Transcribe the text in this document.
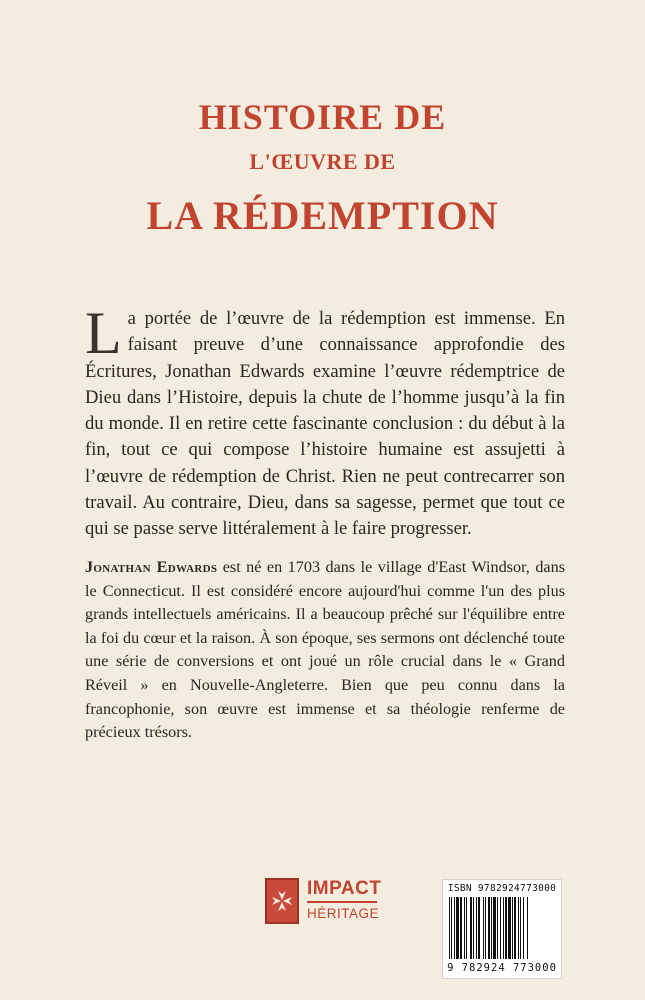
HISTOIRE DE
L'ŒUVRE DE
LA RÉDEMPTION
La portée de l’œuvre de la rédemption est immense. En faisant preuve d’une connaissance approfondie des Écritures, Jonathan Edwards examine l’œuvre rédemptrice de Dieu dans l’Histoire, depuis la chute de l’homme jusqu’à la fin du monde. Il en retire cette fascinante conclusion : du début à la fin, tout ce qui compose l’histoire humaine est assujetti à l’œuvre de rédemption de Christ. Rien ne peut contrecarrer son travail. Au contraire, Dieu, dans sa sagesse, permet que tout ce qui se passe serve littéralement à le faire progresser.
Jonathan Edwards est né en 1703 dans le village d'East Windsor, dans le Connecticut. Il est considéré encore aujourd'hui comme l'un des plus grands intellectuels américains. Il a beaucoup prêché sur l'équilibre entre la foi du cœur et la raison. À son époque, ses sermons ont déclenché toute une série de conversions et ont joué un rôle crucial dans le « Grand Réveil » en Nouvelle-Angleterre. Bien que peu connu dans la francophonie, son œuvre est immense et sa théologie renferme de précieux trésors.
IMPACT
HÉRITAGE
ISBN 9782924773000
9 782924 773000
